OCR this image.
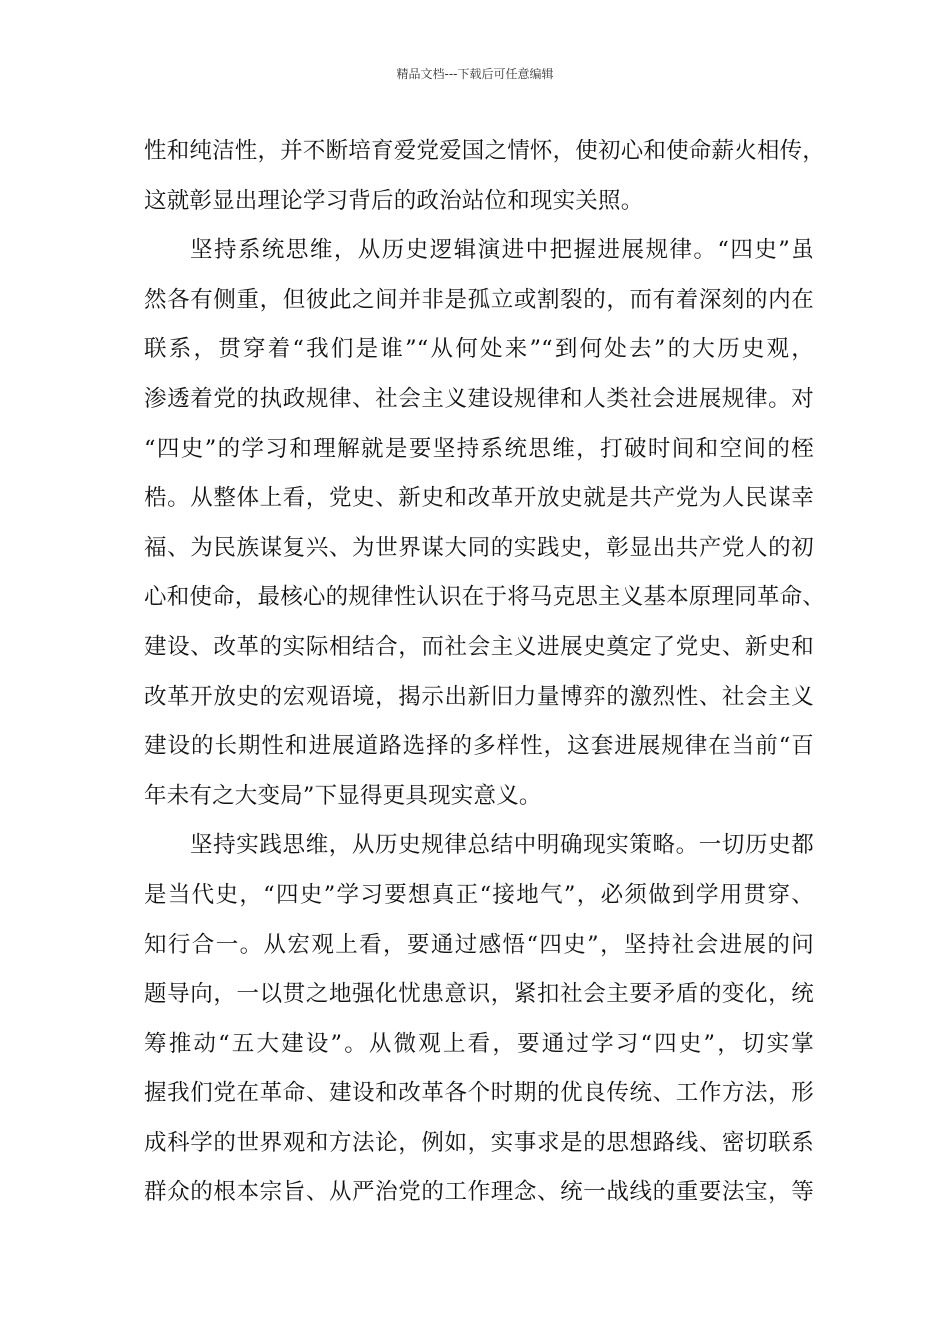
精品文档---下载后可任意编辑
性和纯洁性，并不断培育爱党爱国之情怀，使初心和使命薪火相传，
这就彰显出理论学习背后的政治站位和现实关照。
坚持系统思维，从历史逻辑演进中把握进展规律。“四史”虽
然各有侧重，但彼此之间并非是孤立或割裂的，而有着深刻的内在
联系，贯穿着“我们是谁”“从何处来”“到何处去”的大历史观，
渗透着党的执政规律、社会主义建设规律和人类社会进展规律。对
“四史”的学习和理解就是要坚持系统思维，打破时间和空间的桎
梏。从整体上看，党史、新史和改革开放史就是共产党为人民谋幸
福、为民族谋复兴、为世界谋大同的实践史，彰显出共产党人的初
心和使命，最核心的规律性认识在于将马克思主义基本原理同革命、
建设、改革的实际相结合，而社会主义进展史奠定了党史、新史和
改革开放史的宏观语境，揭示出新旧力量博弈的激烈性、社会主义
建设的长期性和进展道路选择的多样性，这套进展规律在当前“百
年未有之大变局”下显得更具现实意义。
坚持实践思维，从历史规律总结中明确现实策略。一切历史都
是当代史，“四史”学习要想真正“接地气”，必须做到学用贯穿、
知行合一。从宏观上看，要通过感悟“四史”，坚持社会进展的问
题导向，一以贯之地强化忧患意识，紧扣社会主要矛盾的变化，统
筹推动“五大建设”。从微观上看，要通过学习“四史”，切实掌
握我们党在革命、建设和改革各个时期的优良传统、工作方法，形
成科学的世界观和方法论，例如，实事求是的思想路线、密切联系
群众的根本宗旨、从严治党的工作理念、统一战线的重要法宝，等
